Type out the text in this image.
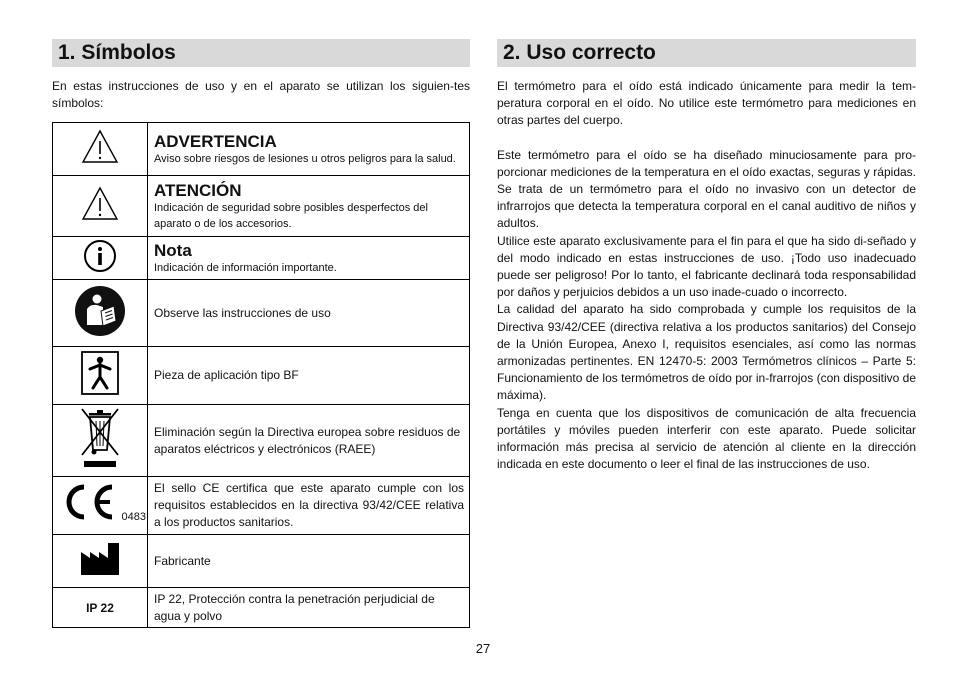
1. Símbolos
En estas instrucciones de uso y en el aparato se utilizan los siguien-tes símbolos:

ADVERTENCIA
Aviso sobre riesgos de lesiones u otros peligros para la salud.

ATENCIÓN
Indicación de seguridad sobre posibles desperfectos del aparato o de los accesorios.

Nota
Indicación de información importante.

	Observe las instrucciones de uso
	Pieza de aplicación tipo BF
	Eliminación según la Directiva europea sobre residuos de aparatos eléctricos y electrónicos (RAEE)

0483	El sello CE certifica que este aparato cumple con los requisitos establecidos en la directiva 93/42/CEE relativa a los productos sanitarios.
	Fabricante
IP 22	IP 22, Protección contra la penetración perjudicial de agua y polvo
2. Uso correcto

El termómetro para el oído está indicado únicamente para medir la tem-peratura corporal en el oído. No utilice este termómetro para mediciones en otras partes del cuerpo.

Este termómetro para el oído se ha diseñado minuciosamente para pro-porcionar mediciones de la temperatura en el oído exactas, seguras y rápidas. Se trata de un termómetro para el oído no invasivo con un detector de infrarrojos que detecta la temperatura corporal en el canal auditivo de niños y adultos.

Utilice este aparato exclusivamente para el fin para el que ha sido di-señado y del modo indicado en estas instrucciones de uso. ¡Todo uso inadecuado puede ser peligroso! Por lo tanto, el fabricante declinará toda responsabilidad por daños y perjuicios debidos a un uso inade-cuado o incorrecto.

La calidad del aparato ha sido comprobada y cumple los requisitos de la Directiva 93/42/CEE (directiva relativa a los productos sanitarios) del Consejo de la Unión Europea, Anexo I, requisitos esenciales, así como las normas armonizadas pertinentes. EN 12470-5: 2003 Termómetros clínicos – Parte 5: Funcionamiento de los termómetros de oído por in-frarrojos (con dispositivo de máxima).

Tenga en cuenta que los dispositivos de comunicación de alta frecuencia portátiles y móviles pueden interferir con este aparato. Puede solicitar información más precisa al servicio de atención al cliente en la dirección indicada en este documento o leer el final de las instrucciones de uso.

27
